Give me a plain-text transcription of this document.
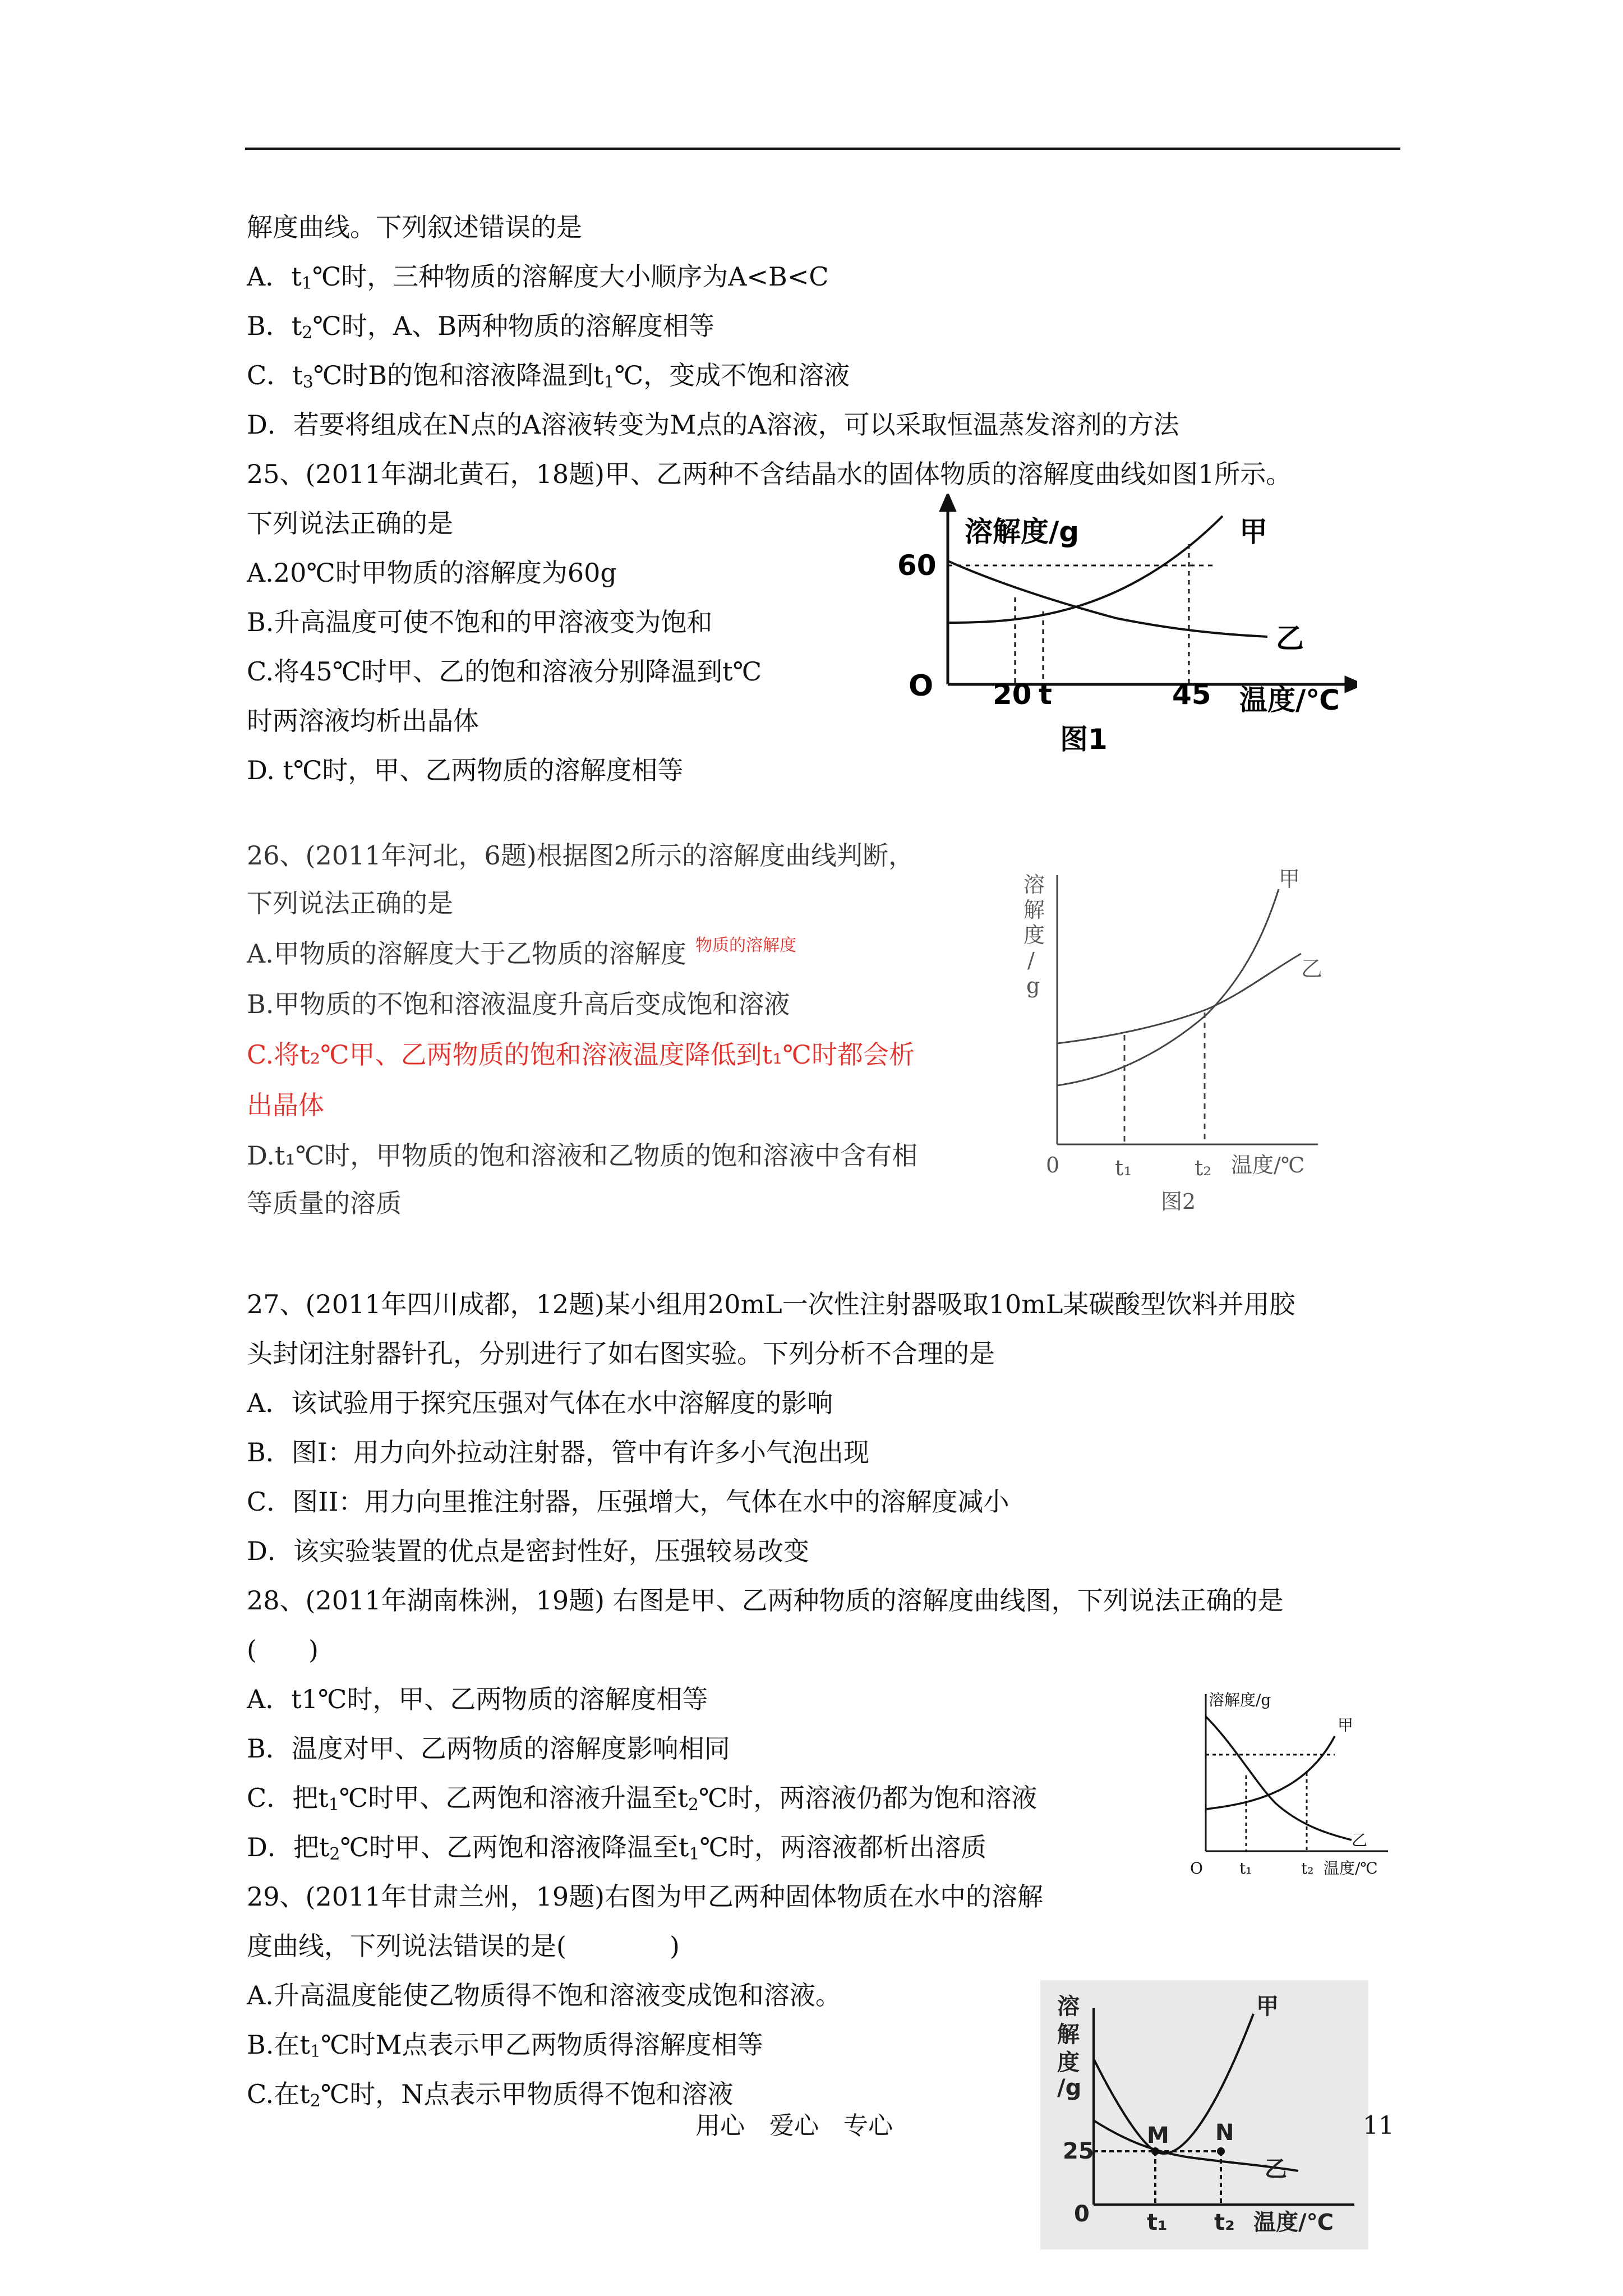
解度曲线。下列叙述错误的是
A．$t_1℃$时，三种物质的溶解度大小顺序为A<B<C
B．$t_2℃$时，A、B两种物质的溶解度相等
C．$t_3℃$时B的饱和溶液降温到$t_1℃$，变成不饱和溶液
D．若要将组成在N点的A溶液转变为M点的A溶液，可以采取恒温蒸发溶剂的方法
25、(2011年湖北黄石，18题)甲、乙两种不含结晶水的固体物质的溶解度曲线如图1所示。
下列说法正确的是
A.20℃时甲物质的溶解度为60g
B.升高温度可使不饱和的甲溶液变为饱和
C.将45℃时甲、乙的饱和溶液分别降温到t℃
时两溶液均析出晶体
D. t℃时，甲、乙两物质的溶解度相等
溶解度/g
60
O 20 t	45 温度/℃
甲
乙
图1
26、(2011年河北，6题)根据图2所示的溶解度曲线判断，
下列说法正确的是
A.甲物质的溶解度大于乙物质的溶解度 物质的溶解度
B.甲物质的不饱和溶液温度升高后变成饱和溶液
C.将t₂℃甲、乙两物质的饱和溶液温度降低到t₁℃时都会析
出晶体
D.t₁℃时，甲物质的饱和溶液和乙物质的饱和溶液中含有相
等质量的溶质
溶
解
度
/
g
0	t₁	t₂ 温度/℃
甲
乙
图2
27、(2011年四川成都，12题)某小组用20mL一次性注射器吸取10mL某碳酸型饮料并用胶
头封闭注射器针孔，分别进行了如右图实验。下列分析不合理的是
A．该试验用于探究压强对气体在水中溶解度的影响
B．图I：用力向外拉动注射器，管中有许多小气泡出现
C．图II：用力向里推注射器，压强增大，气体在水中的溶解度减小
D．该实验装置的优点是密封性好，压强较易改变
28、(2011年湖南株洲，19题) 右图是甲、乙两种物质的溶解度曲线图，下列说法正确的是
(　　)
A．t1℃时，甲、乙两物质的溶解度相等
B．温度对甲、乙两物质的溶解度影响相同
C．把$t_1℃$时甲、乙两饱和溶液升温至$t_2℃$时，两溶液仍都为饱和溶液
D．把$t_2℃$时甲、乙两饱和溶液降温至$t_1℃$时，两溶液都析出溶质
溶解度/g
甲
乙
O t₁	t₂ 温度/℃
29、(2011年甘肃兰州，19题)右图为甲乙两种固体物质在水中的溶解
度曲线，下列说法错误的是(　　　　)
A.升高温度能使乙物质得不饱和溶液变成饱和溶液。
B.在$t_1℃$时M点表示甲乙两物质得溶解度相等
C.在$t_2℃$时，N点表示甲物质得不饱和溶液
溶
解
度
/g
25
0
M N
甲
乙
t₁ t₂ 温度/℃
用心　爱心　专心	11
